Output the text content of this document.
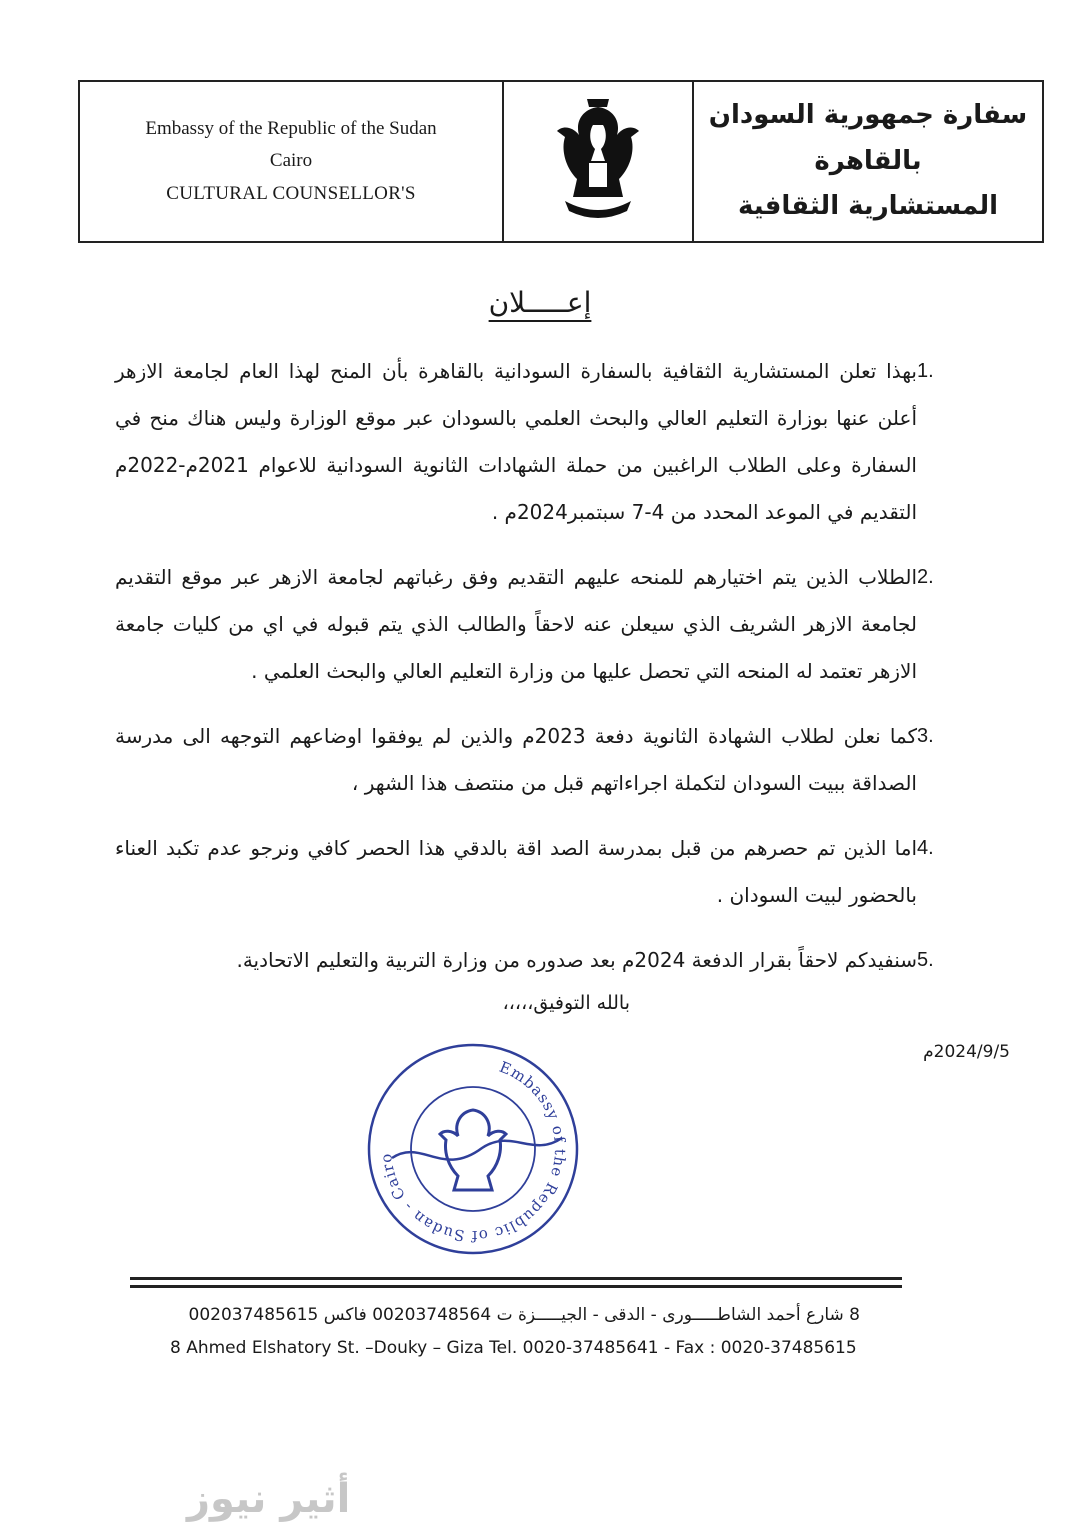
Embassy of the Republic of the Sudan
Cairo
CULTURAL COUNSELLOR'S
سفارة جمهورية السودان
بالقاهرة
المستشارية الثقافية
إعـــــلان
1.
بهذا تعلن المستشارية الثقافية بالسفارة السودانية بالقاهرة بأن المنح لهذا العام لجامعة الازهر أعلن عنها بوزارة التعليم العالي والبحث العلمي بالسودان عبر موقع الوزارة وليس هناك منح في السفارة وعلى الطلاب الراغبين من حملة الشهادات الثانوية السودانية للاعوام 2021م-2022م التقديم في الموعد المحدد من 4-7 سبتمبر2024م .
2.
الطلاب الذين يتم اختيارهم للمنحه عليهم التقديم وفق رغباتهم لجامعة الازهر عبر موقع التقديم لجامعة الازهر الشريف الذي سيعلن عنه لاحقاً والطالب الذي يتم قبوله في اي من كليات جامعة الازهر تعتمد له المنحه التي تحصل عليها من وزارة التعليم العالي والبحث العلمي .
3.
كما نعلن لطلاب الشهادة الثانوية دفعة 2023م والذين لم يوفقوا اوضاعهم التوجهه الى مدرسة الصداقة ببيت السودان لتكملة اجراءاتهم قبل من منتصف هذا الشهر ،
4.
اما الذين تم حصرهم من قبل بمدرسة الصد اقة بالدقي هذا الحصر كافي ونرجو عدم تكبد العناء بالحضور لبيت السودان .
5.
سنفيدكم لاحقاً بقرار الدفعة 2024م بعد صدوره من وزارة التربية والتعليم الاتحادية.
بالله التوفيق،،،،،
2024/9/5م
Embassy of the Republic of Sudan - Cairo
8 شارع أحمد الشاطـــــورى - الدقى - الجيـــــزة ت 00203748564 فاكس 002037485615
8 Ahmed Elshatory St. –Douky – Giza Tel. 0020-37485641 - Fax : 0020-37485615
أثير نيوز
